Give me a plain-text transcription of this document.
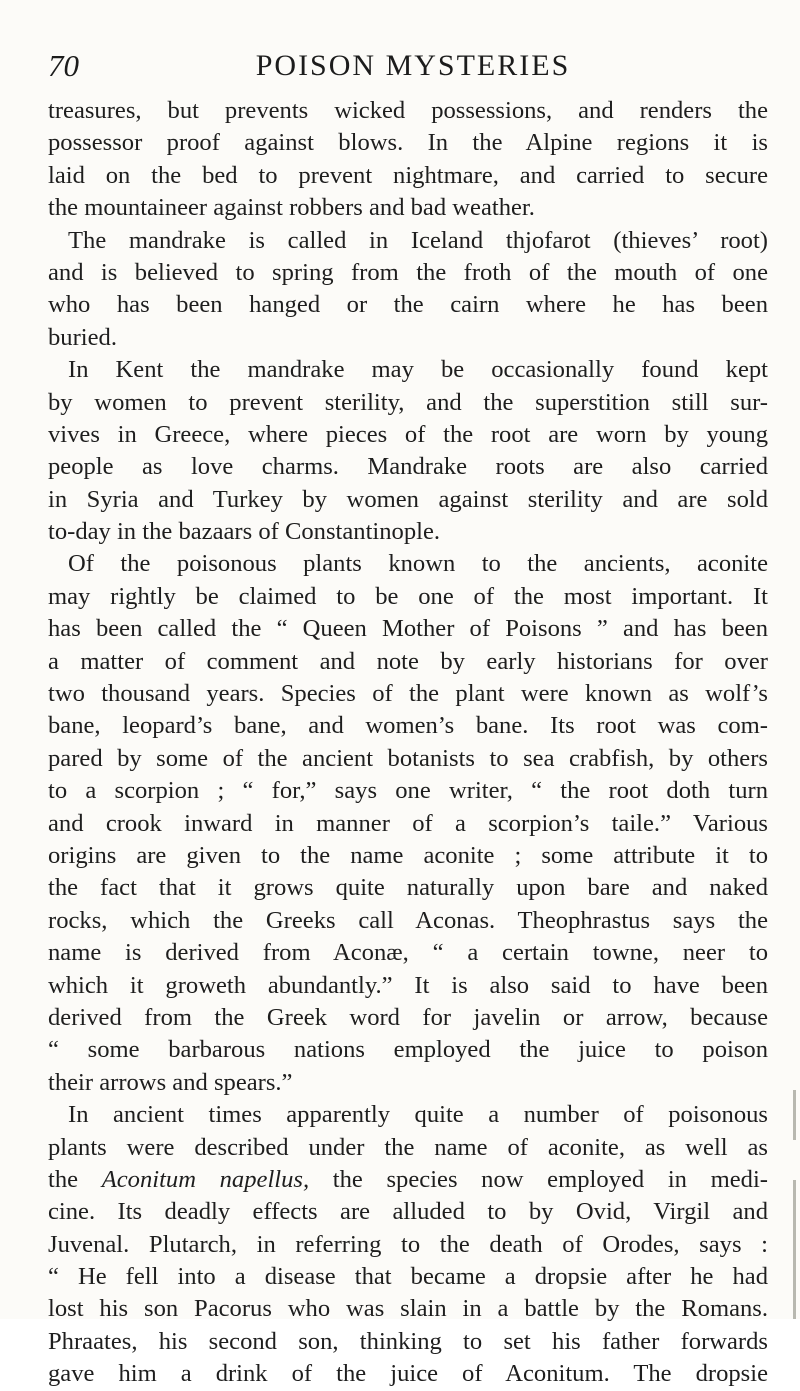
70	POISON MYSTERIES
treasures, but prevents wicked possessions, and renders the
possessor proof against blows. In the Alpine regions it is
laid on the bed to prevent nightmare, and carried to secure
the mountaineer against robbers and bad weather.
The mandrake is called in Iceland thjofarot (thieves’ root)
and is believed to spring from the froth of the mouth of one
who has been hanged or the cairn where he has been
buried.
In Kent the mandrake may be occasionally found kept
by women to prevent sterility, and the superstition still sur-
vives in Greece, where pieces of the root are worn by young
people as love charms. Mandrake roots are also carried
in Syria and Turkey by women against sterility and are sold
to-day in the bazaars of Constantinople.
Of the poisonous plants known to the ancients, aconite
may rightly be claimed to be one of the most important. It
has been called the “ Queen Mother of Poisons ” and has been
a matter of comment and note by early historians for over
two thousand years. Species of the plant were known as wolf’s
bane, leopard’s bane, and women’s bane. Its root was com-
pared by some of the ancient botanists to sea crabfish, by others
to a scorpion ; “ for,” says one writer, “ the root doth turn
and crook inward in manner of a scorpion’s taile.” Various
origins are given to the name aconite ; some attribute it to
the fact that it grows quite naturally upon bare and naked
rocks, which the Greeks call Aconas. Theophrastus says the
name is derived from Aconæ, “ a certain towne, neer to
which it groweth abundantly.” It is also said to have been
derived from the Greek word for javelin or arrow, because
“ some barbarous nations employed the juice to poison
their arrows and spears.”
In ancient times apparently quite a number of poisonous
plants were described under the name of aconite, as well as
the Aconitum napellus, the species now employed in medi-
cine. Its deadly effects are alluded to by Ovid, Virgil and
Juvenal. Plutarch, in referring to the death of Orodes, says :
“ He fell into a disease that became a dropsie after he had
lost his son Pacorus who was slain in a battle by the Romans.
Phraates, his second son, thinking to set his father forwards
gave him a drink of the juice of Aconitum. The dropsie
